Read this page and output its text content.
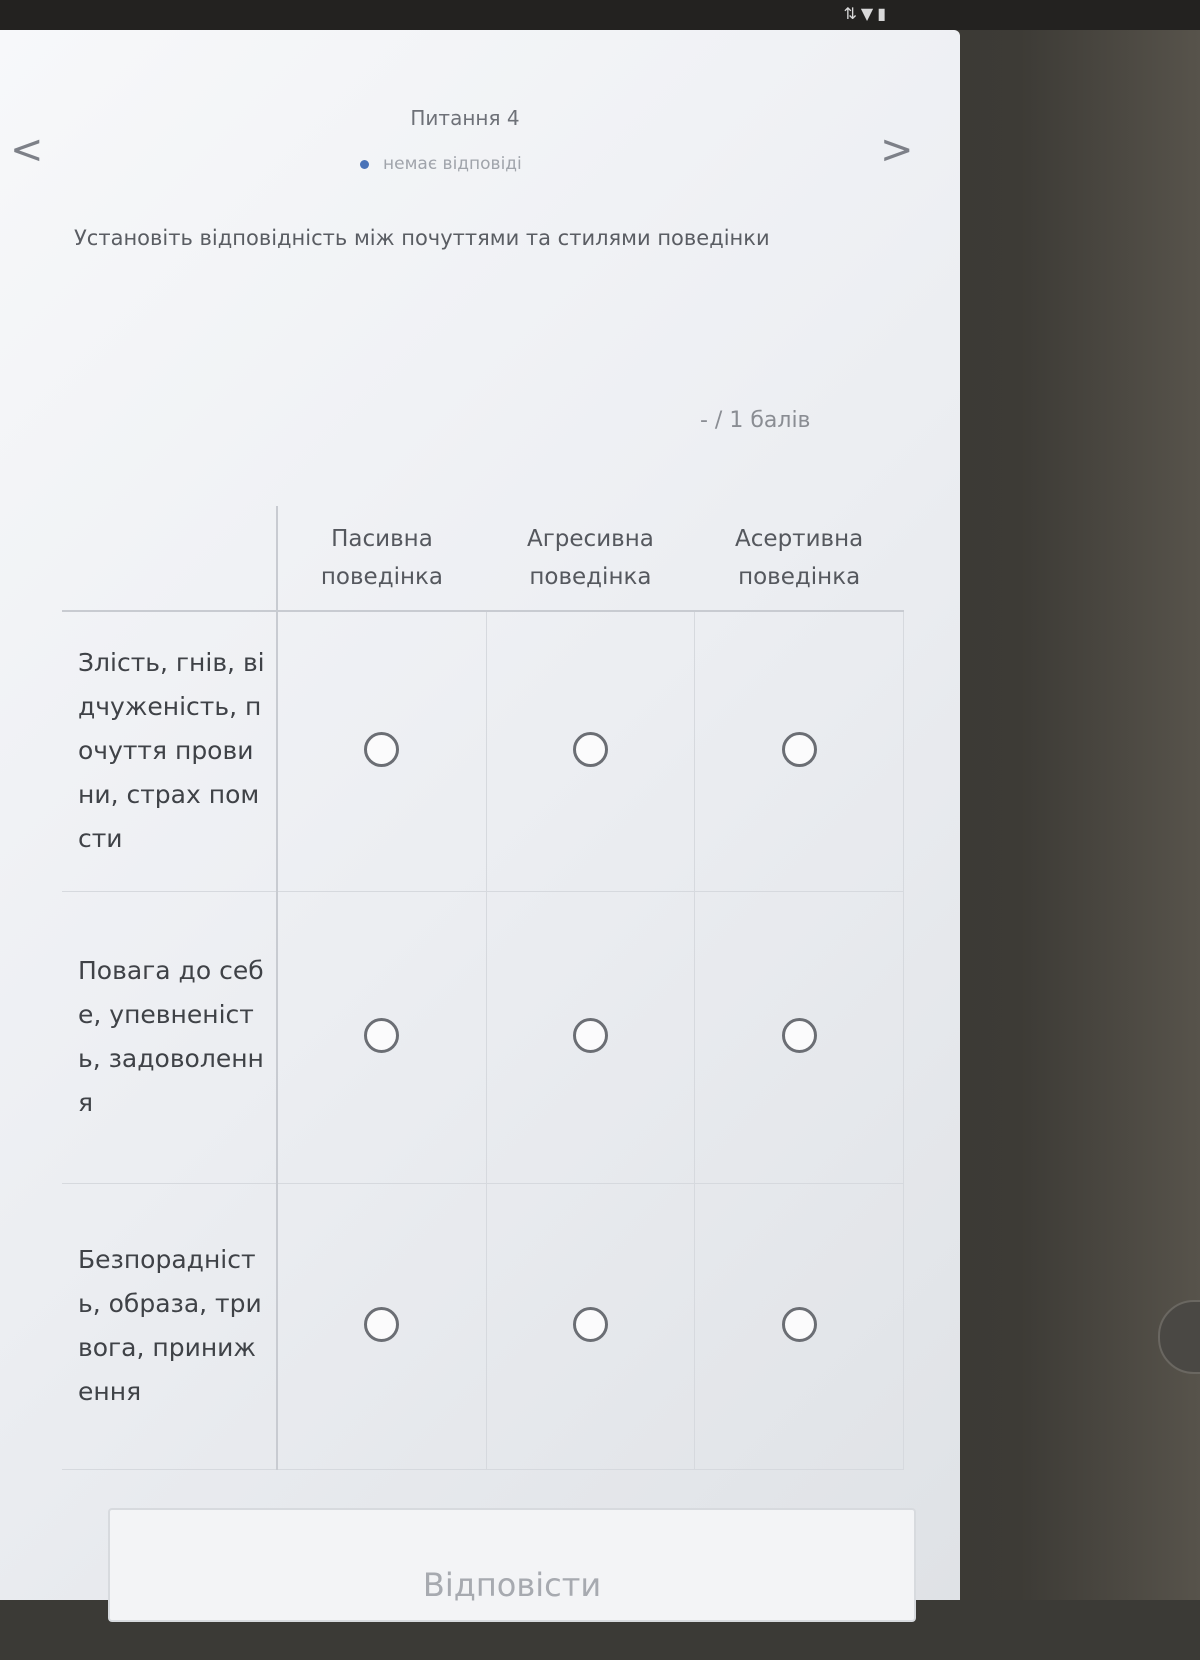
⇅▼▮
<	>
Питання 4
немає відповіді
Установіть відповідність між почуттями та стилями поведінки
- / 1 балів
	Пасивна поведінка	Агресивна поведінка	Асертивна поведінка
Злість, гнів, відчуженість, почуття провини, страх помсти			
Повага до себе, упевненість, задоволення			
Безпорадність, образа, тривога, приниження			
Відповісти
